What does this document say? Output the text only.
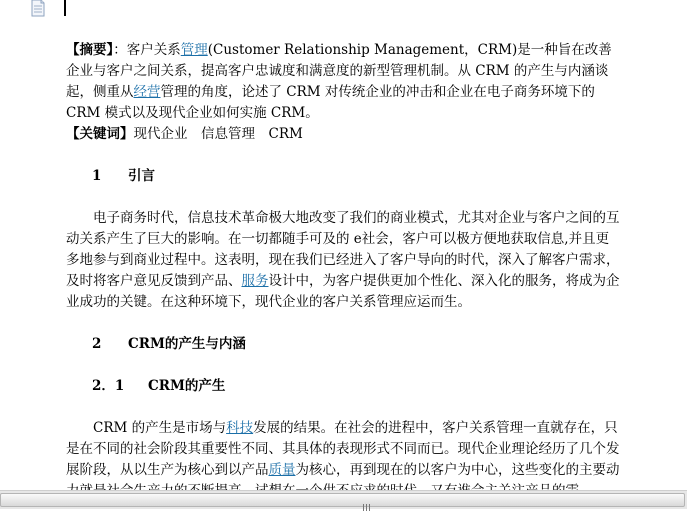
【摘要】：客户关系管理(Customer Relationship Management，CRM)是一种旨在改善企业与客户之间关系，提高客户忠诚度和满意度的新型管理机制。从 CRM 的产生与内涵谈起，侧重从经营管理的角度，论述了 CRM 对传统企业的冲击和企业在电子商务环境下的 CRM 模式以及现代企业如何实施 CRM。

【关键词】现代企业　信息管理　CRM

1 引言

电子商务时代，信息技术革命极大地改变了我们的商业模式，尤其对企业与客户之间的互动关系产生了巨大的影响。在一切都随手可及的 e社会，客户可以极方便地获取信息,并且更多地参与到商业过程中。这表明，现在我们已经进入了客户导向的时代，深入了解客户需求，及时将客户意见反馈到产品、服务设计中，为客户提供更加个性化、深入化的服务，将成为企业成功的关键。在这种环境下，现代企业的客户关系管理应运而生。

2 CRM的产生与内涵

2．1 CRM的产生

CRM 的产生是市场与科技发展的结果。在社会的进程中，客户关系管理一直就存在，只是在不同的社会阶段其重要性不同、其具体的表现形式不同而已。现代企业理论经历了几个发展阶段，从以生产为核心到以产品质量为核心，再到现在的以客户为中心，这些变化的主要动
